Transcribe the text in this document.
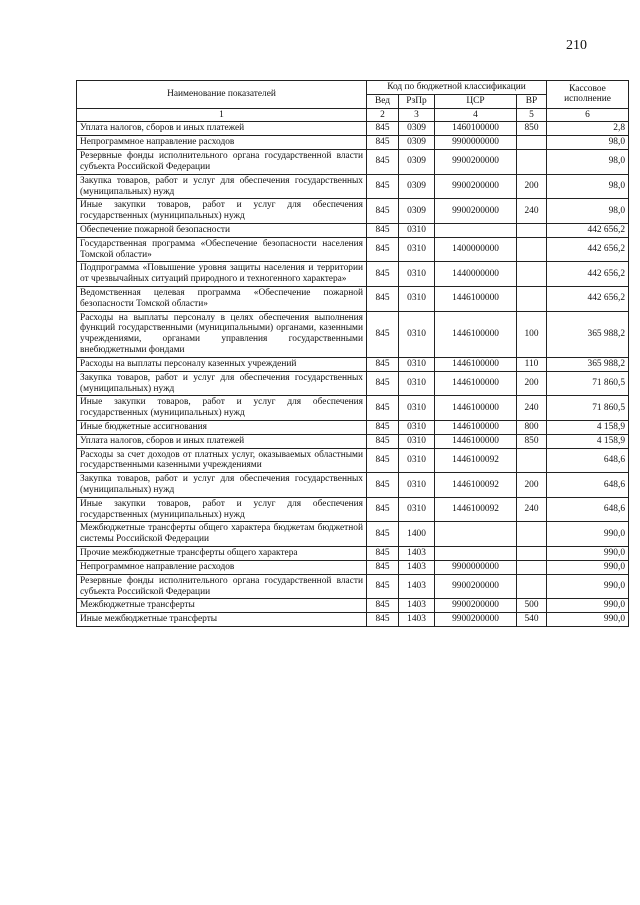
210
Наименование показателей	Код по бюджетной классификации				Кассовое исполнение
	Вед	РзПр	ЦСР	ВР	
1	2	3	4	5	6
Уплата налогов, сборов и иных платежей	845	0309	1460100000	850	2,8
Непрограммное направление расходов	845	0309	9900000000		98,0
Резервные фонды исполнительного органа государственной власти субъекта Российской Федерации	845	0309	9900200000		98,0
Закупка товаров, работ и услуг для обеспечения государственных (муниципальных) нужд	845	0309	9900200000	200	98,0
Иные закупки товаров, работ и услуг для обеспечения государственных (муниципальных) нужд	845	0309	9900200000	240	98,0
Обеспечение пожарной безопасности	845	0310			442 656,2
Государственная программа «Обеспечение безопасности населения Томской области»	845	0310	1400000000		442 656,2
Подпрограмма «Повышение уровня защиты населения и территории от чрезвычайных ситуаций природного и техногенного характера»	845	0310	1440000000		442 656,2
Ведомственная целевая программа «Обеспечение пожарной безопасности Томской области»	845	0310	1446100000		442 656,2
Расходы на выплаты персоналу в целях обеспечения выполнения функций государственными (муниципальными) органами, казенными учреждениями, органами управления государственными внебюджетными фондами	845	0310	1446100000	100	365 988,2
Расходы на выплаты персоналу казенных учреждений	845	0310	1446100000	110	365 988,2
Закупка товаров, работ и услуг для обеспечения государственных (муниципальных) нужд	845	0310	1446100000	200	71 860,5
Иные закупки товаров, работ и услуг для обеспечения государственных (муниципальных) нужд	845	0310	1446100000	240	71 860,5
Иные бюджетные ассигнования	845	0310	1446100000	800	4 158,9
Уплата налогов, сборов и иных платежей	845	0310	1446100000	850	4 158,9
Расходы за счет доходов от платных услуг, оказываемых областными государственными казенными учреждениями	845	0310	1446100092		648,6
Закупка товаров, работ и услуг для обеспечения государственных (муниципальных) нужд	845	0310	1446100092	200	648,6
Иные закупки товаров, работ и услуг для обеспечения государственных (муниципальных) нужд	845	0310	1446100092	240	648,6
Межбюджетные трансферты общего характера бюджетам бюджетной системы Российской Федерации	845	1400			990,0
Прочие межбюджетные трансферты общего характера	845	1403			990,0
Непрограммное направление расходов	845	1403	9900000000		990,0
Резервные фонды исполнительного органа государственной власти субъекта Российской Федерации	845	1403	9900200000		990,0
Межбюджетные трансферты	845	1403	9900200000	500	990,0
Иные межбюджетные трансферты	845	1403	9900200000	540	990,0
